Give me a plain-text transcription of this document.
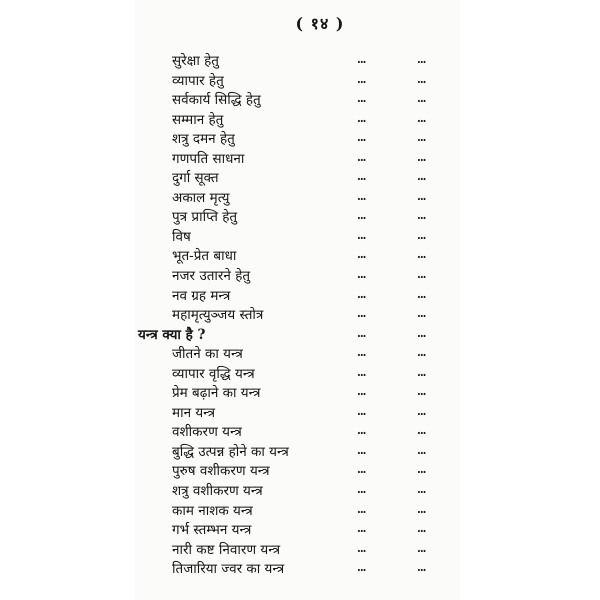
( १४ )
सुरेक्षा हेतु	...	...
व्यापार हेतु	...	...
सर्वकार्य सिद्धि हेतु	...	...
सम्मान हेतु	...	...
शत्रु दमन हेतु	...	...
गणपति साधना	...	...
दुर्गा सूक्त	...	...
अकाल मृत्यु	...	...
पुत्र प्राप्ति हेतु	...	...
विष	...	...
भूत-प्रेत बाधा	...	...
नजर उतारने हेतु	...	...
नव ग्रह मन्त्र	...	...
महामृत्युञ्जय स्तोत्र	...	...
यन्त्र क्या है ?	...	...
जीतने का यन्त्र	...	...
व्यापार वृद्धि यन्त्र	...	...
प्रेम बढ़ाने का यन्त्र	...	...
मान यन्त्र	...	...
वशीकरण यन्त्र	...	...
बुद्धि उत्पन्न होने का यन्त्र	...	...
पुरुष वशीकरण यन्त्र	...	...
शत्रु वशीकरण यन्त्र	...	...
काम नाशक यन्त्र	...	...
गर्भ स्तम्भन यन्त्र	...	...
नारी कष्ट निवारण यन्त्र	...	...
तिजारिया ज्वर का यन्त्र	...	...
